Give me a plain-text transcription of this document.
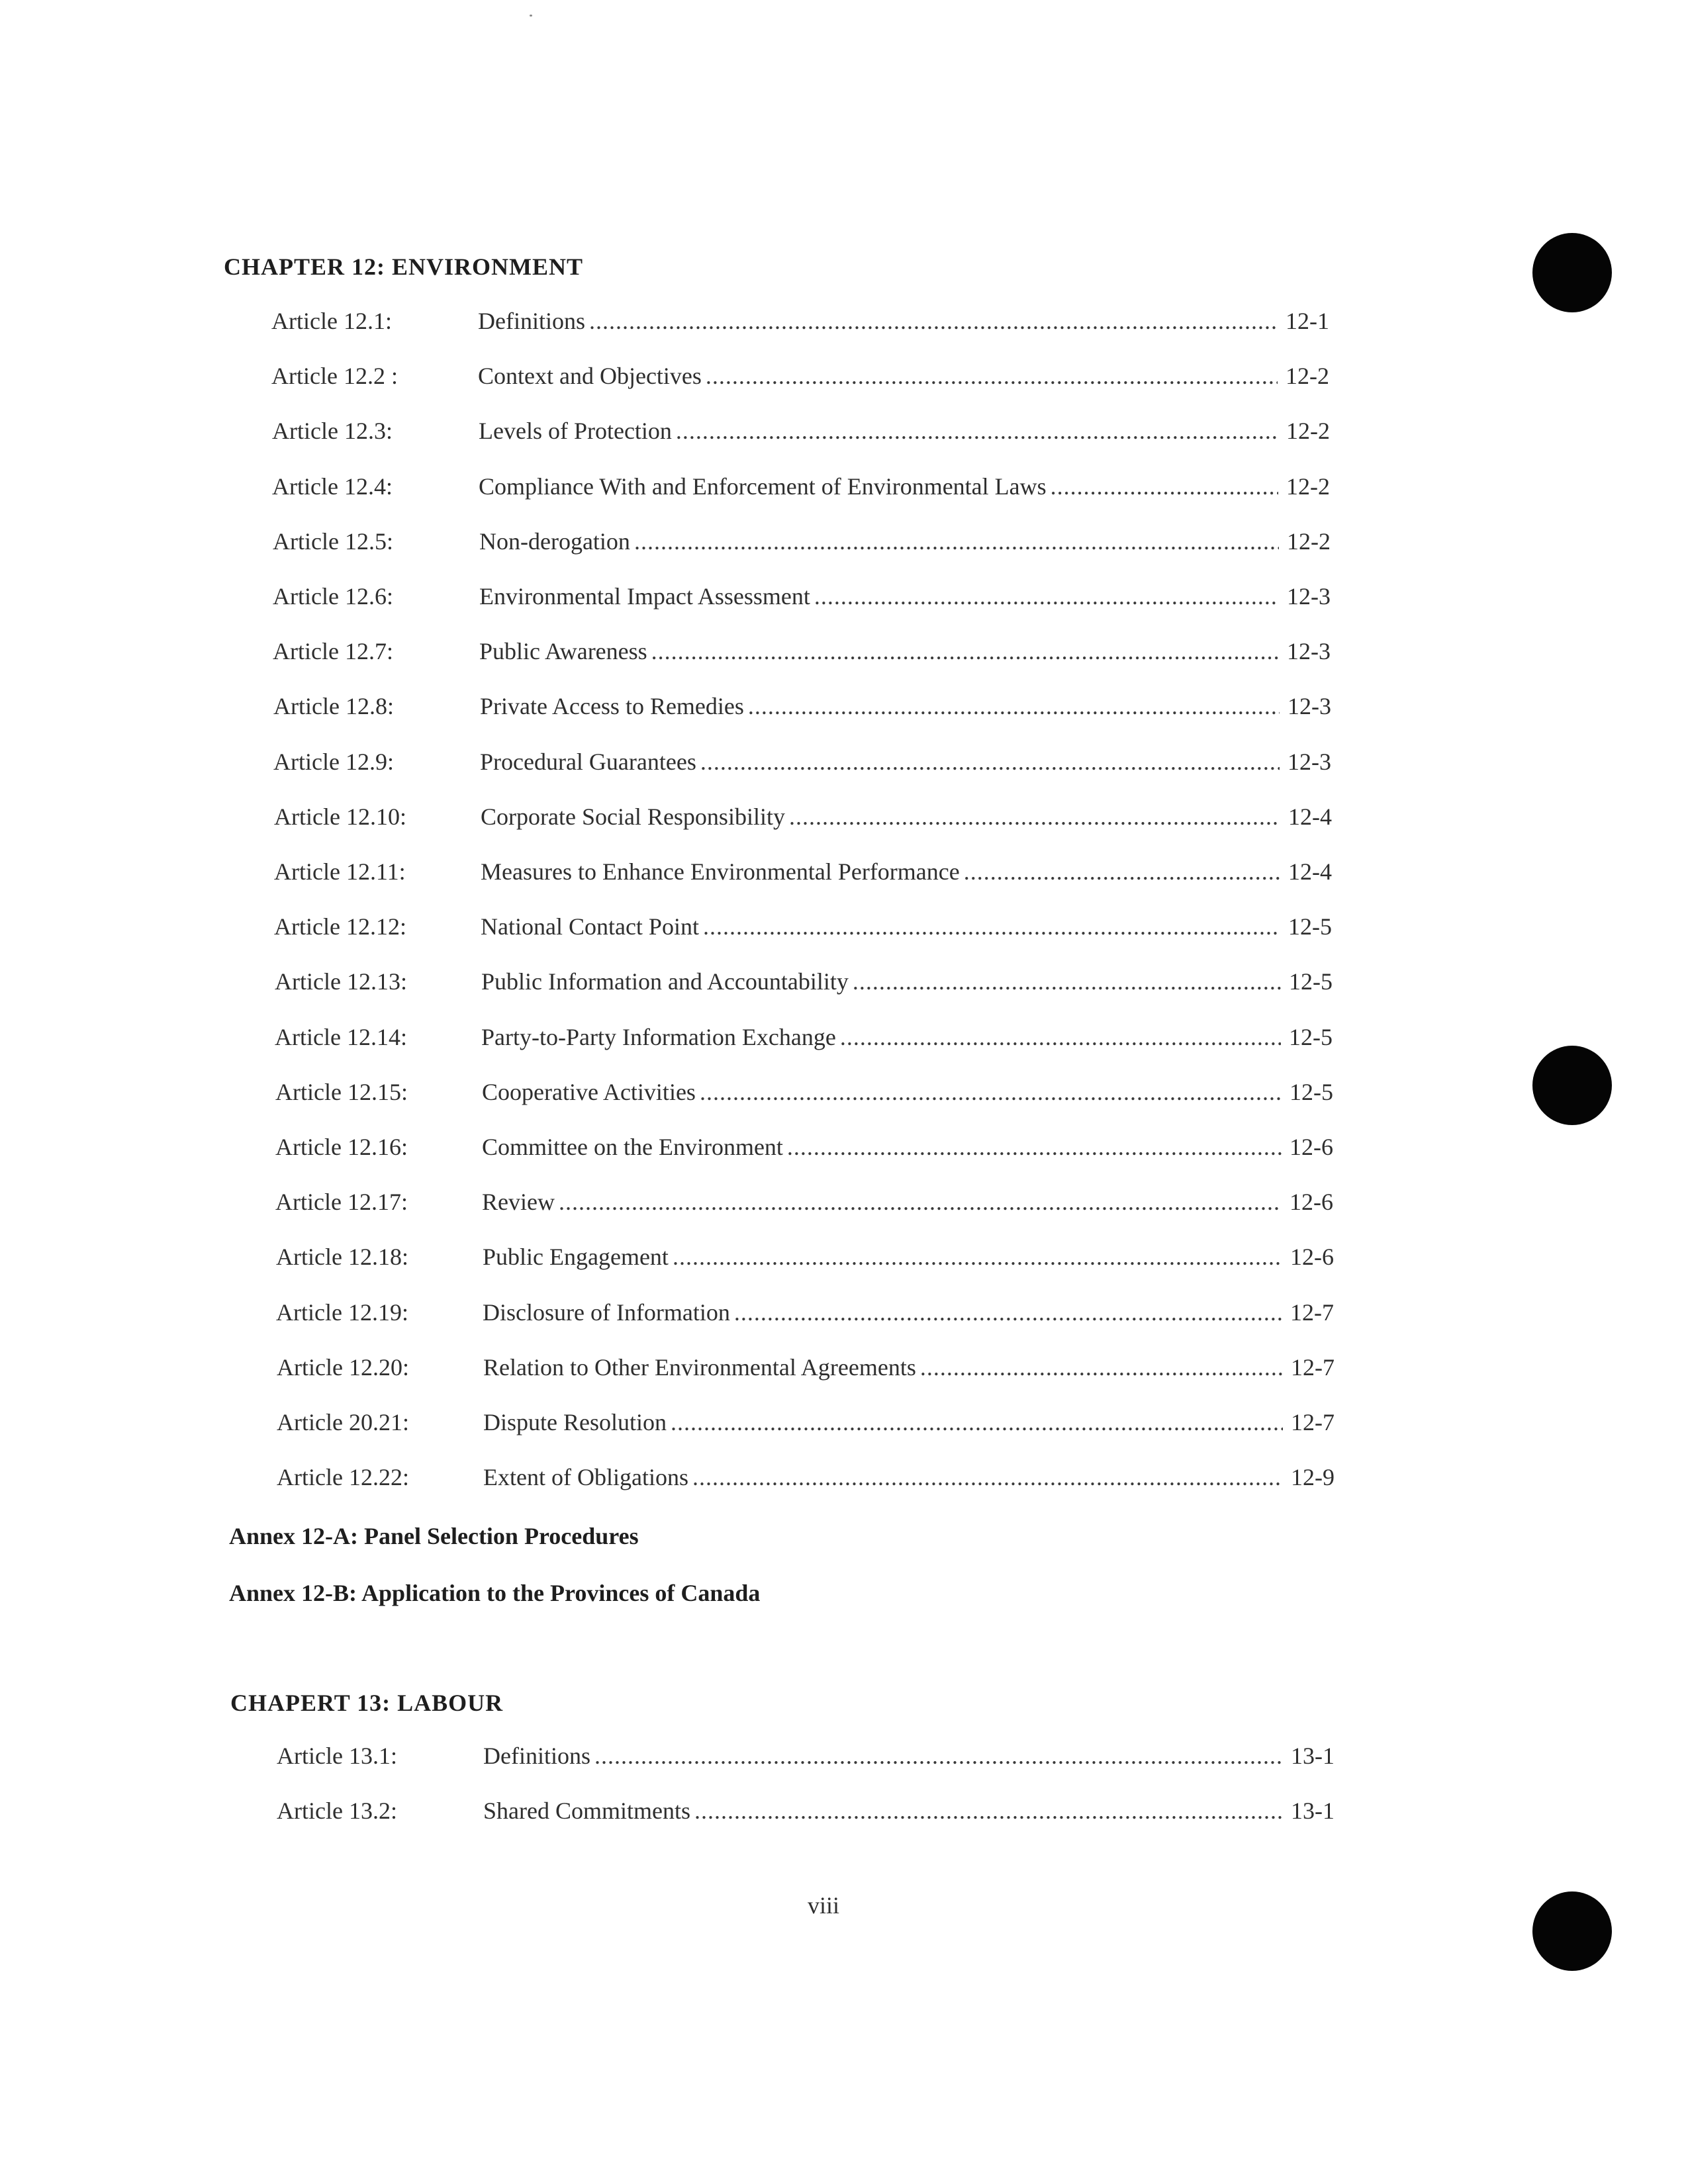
CHAPTER 12: ENVIRONMENT
Article 12.1:	Definitions .....	12-1
Article 12.2 :	Context and Objectives .....	12-2
Article 12.3:	Levels of Protection .....	12-2
Article 12.4:	Compliance With and Enforcement of Environmental Laws .....	12-2
Article 12.5:	Non-derogation .....	12-2
Article 12.6:	Environmental Impact Assessment .....	12-3
Article 12.7:	Public Awareness .....	12-3
Article 12.8:	Private Access to Remedies .....	12-3
Article 12.9:	Procedural Guarantees .....	12-3
Article 12.10:	Corporate Social Responsibility .....	12-4
Article 12.11:	Measures to Enhance Environmental Performance .....	12-4
Article 12.12:	National Contact Point .....	12-5
Article 12.13:	Public Information and Accountability .....	12-5
Article 12.14:	Party-to-Party Information Exchange .....	12-5
Article 12.15:	Cooperative Activities .....	12-5
Article 12.16:	Committee on the Environment .....	12-6
Article 12.17:	Review .....	12-6
Article 12.18:	Public Engagement .....	12-6
Article 12.19:	Disclosure of Information .....	12-7
Article 12.20:	Relation to Other Environmental Agreements .....	12-7
Article 20.21:	Dispute Resolution .....	12-7
Article 12.22:	Extent of Obligations .....	12-9
Annex 12-A: Panel Selection Procedures
Annex 12-B: Application to the Provinces of Canada
CHAPERT 13: LABOUR
Article 13.1:	Definitions .....	13-1
Article 13.2:	Shared Commitments .....	13-1
viii
